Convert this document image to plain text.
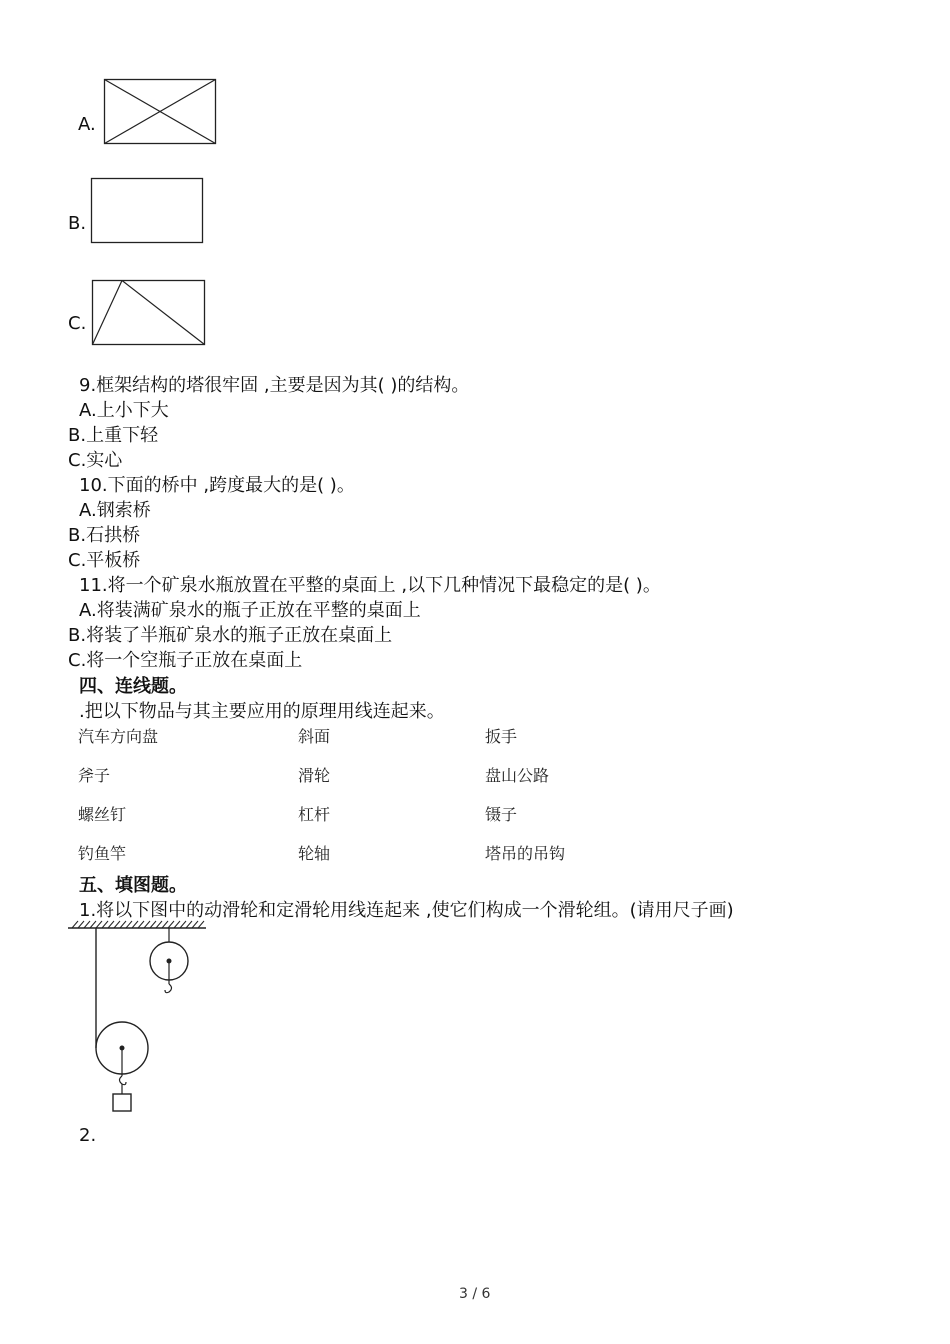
A.
B.
C.
9.框架结构的塔很牢固 ,主要是因为其( )的结构。
A.上小下大
B.上重下轻
C.实心
10.下面的桥中 ,跨度最大的是( )。
A.钢索桥
B.石拱桥
C.平板桥
11.将一个矿泉水瓶放置在平整的桌面上 ,以下几种情况下最稳定的是( )。
A.将装满矿泉水的瓶子正放在平整的桌面上
B.将装了半瓶矿泉水的瓶子正放在桌面上
C.将一个空瓶子正放在桌面上
四、连线题。
.把以下物品与其主要应用的原理用线连起来。
汽车方向盘	斜面	扳手
斧子	滑轮	盘山公路
螺丝钉	杠杆	镊子
钓鱼竿	轮轴	塔吊的吊钩
五、填图题。
1.将以下图中的动滑轮和定滑轮用线连起来 ,使它们构成一个滑轮组。(请用尺子画)
2.
3 / 6
